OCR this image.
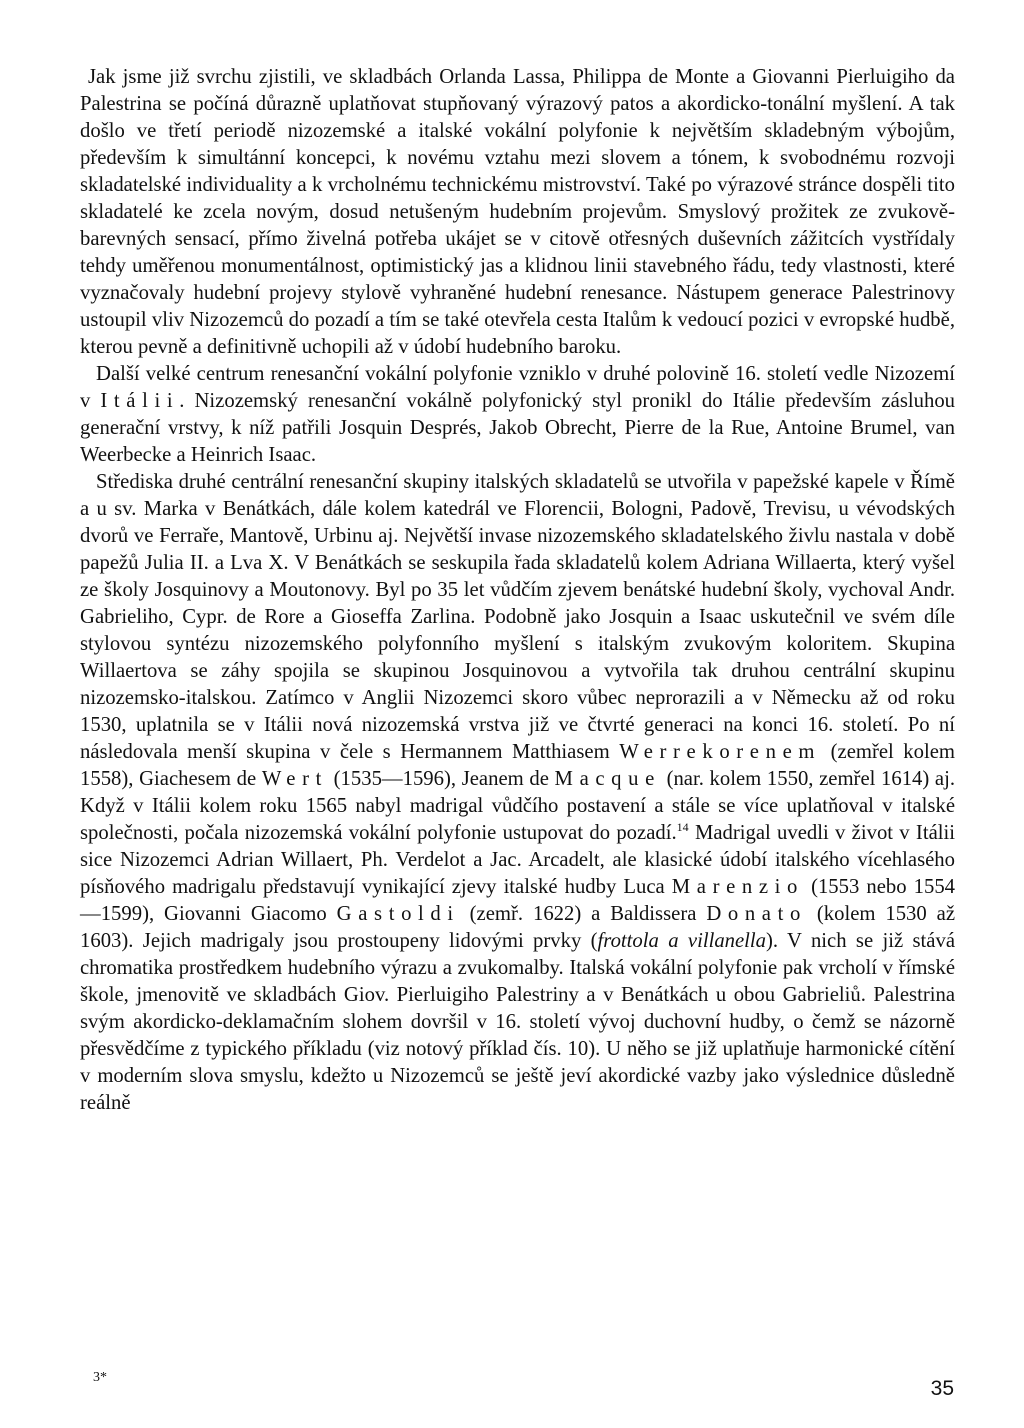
Jak jsme již svrchu zjistili, ve skladbách Orlanda Lassa, Philippa de Monte a Giovanni Pierluigiho da Palestrina se počíná důrazně uplatňovat stupňovaný výrazový patos a akordicko-tonální myšlení. A tak došlo ve třetí periodě nizozemské a italské vokální polyfonie k největším skladebným výbojům, především k simultánní koncepci, k novému vztahu mezi slovem a tónem, k svobodnému rozvoji skladatelské individuality a k vrcholnému technickému mistrovství. Také po výrazové stránce dospěli tito skladatelé ke zcela novým, dosud netušeným hudebním projevům. Smyslový prožitek ze zvukově-barevných sensací, přímo živelná potřeba ukájet se v citově otřesných duševních zážitcích vystřídaly tehdy uměřenou monumentálnost, optimistický jas a klidnou linii stavebného řádu, tedy vlastnosti, které vyznačovaly hudební projevy stylově vyhraněné hudební renesance. Nástupem generace Palestrinovy ustoupil vliv Nizozemců do pozadí a tím se také otevřela cesta Italům k vedoucí pozici v evropské hudbě, kterou pevně a definitivně uchopili až v údobí hudebního baroku.

Další velké centrum renesanční vokální polyfonie vzniklo v druhé polovině 16. století vedle Nizozemí v Itálii. Nizozemský renesanční vokálně polyfonický styl pronikl do Itálie především zásluhou generační vrstvy, k níž patřili Josquin Després, Jakob Obrecht, Pierre de la Rue, Antoine Brumel, van Weerbecke a Heinrich Isaac.

Střediska druhé centrální renesanční skupiny italských skladatelů se utvořila v papežské kapele v Římě a u sv. Marka v Benátkách, dále kolem katedrál ve Florencii, Bologni, Padově, Trevisu, u vévodských dvorů ve Ferraře, Mantově, Urbinu aj. Největší invase nizozemského skladatelského živlu nastala v době papežů Julia II. a Lva X. V Benátkách se seskupila řada skladatelů kolem Adriana Willaerta, který vyšel ze školy Josquinovy a Moutonovy. Byl po 35 let vůdčím zjevem benátské hudební školy, vychoval Andr. Gabrieliho, Cypr. de Rore a Gioseffa Zarlina. Podobně jako Josquin a Isaac uskutečnil ve svém díle stylovou syntézu nizozemského polyfonního myšlení s italským zvukovým koloritem. Skupina Willaertova se záhy spojila se skupinou Josquinovou a vytvořila tak druhou centrální skupinu nizozemsko-italskou. Zatímco v Anglii Nizozemci skoro vůbec neprorazili a v Německu až od roku 1530, uplatnila se v Itálii nová nizozemská vrstva již ve čtvrté generaci na konci 16. století. Po ní následovala menší skupina v čele s Hermannem Matthiasem Werrekorenem (zemřel kolem 1558), Giachesem de Wert (1535—1596), Jeanem de Macque (nar. kolem 1550, zemřel 1614) aj. Když v Itálii kolem roku 1565 nabyl madrigal vůdčího postavení a stále se více uplatňoval v italské společnosti, počala nizozemská vokální polyfonie ustupovat do pozadí.$^{14}$ Madrigal uvedli v život v Itálii sice Nizozemci Adrian Willaert, Ph. Verdelot a Jac. Arcadelt, ale klasické údobí italského vícehlasého písňového madrigalu představují vynikající zjevy italské hudby Luca Marenzio (1553 nebo 1554—1599), Giovanni Giacomo Gastoldi (zemř. 1622) a Baldissera Donato (kolem 1530 až 1603). Jejich madrigaly jsou prostoupeny lidovými prvky (frottola a villanella). V nich se již stává chromatika prostředkem hudebního výrazu a zvukomalby. Italská vokální polyfonie pak vrcholí v římské škole, jmenovitě ve skladbách Giov. Pierluigiho Palestriny a v Benátkách u obou Gabrieliů. Palestrina svým akordicko-deklamačním slohem dovršil v 16. století vývoj duchovní hudby, o čemž se názorně přesvědčíme z typického příkladu (viz notový příklad čís. 10). U něho se již uplatňuje harmonické cítění v moderním slova smyslu, kdežto u Nizozemců se ještě jeví akordické vazby jako výslednice důsledně reálně

3*	35
